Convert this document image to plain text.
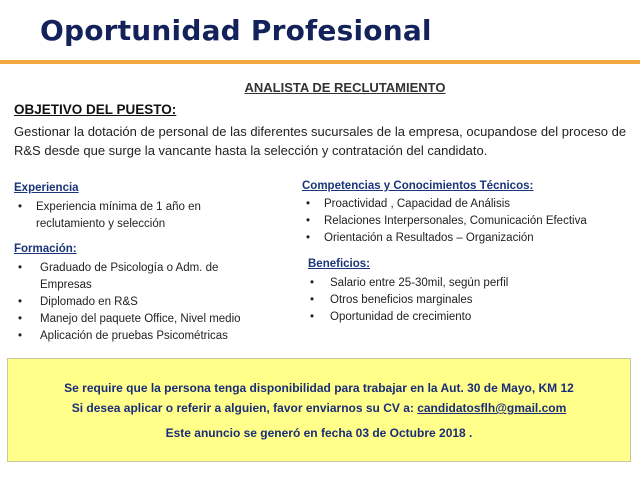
Oportunidad Profesional
ANALISTA DE RECLUTAMIENTO
OBJETIVO DEL PUESTO:
Gestionar la dotación de personal de las diferentes sucursales de la empresa, ocupandose del proceso de R&S desde que surge la vancante hasta la selección y contratación del candidato.
Experiencia
•	Experiencia mínima de 1 año en reclutamiento y selección
Formación:
•	Graduado de Psicología o Adm. de Empresas
•	Diplomado en R&S
•	Manejo del paquete Office, Nivel medio
•	Aplicación de pruebas Psicométricas
Competencias y Conocimientos Técnicos:
•	Proactividad , Capacidad de Análisis
•	Relaciones Interpersonales, Comunicación Efectiva
•	Orientación a Resultados – Organización
Beneficios:
•	Salario entre 25-30mil, según perfil
•	Otros beneficios marginales
•	Oportunidad de crecimiento
Se require que la persona tenga disponibilidad para trabajar en la Aut. 30 de Mayo, KM 12
Si desea aplicar o referir a alguien, favor enviarnos su CV a: candidatosflh@gmail.com
Este anuncio se generó en fecha 03 de Octubre 2018 .
